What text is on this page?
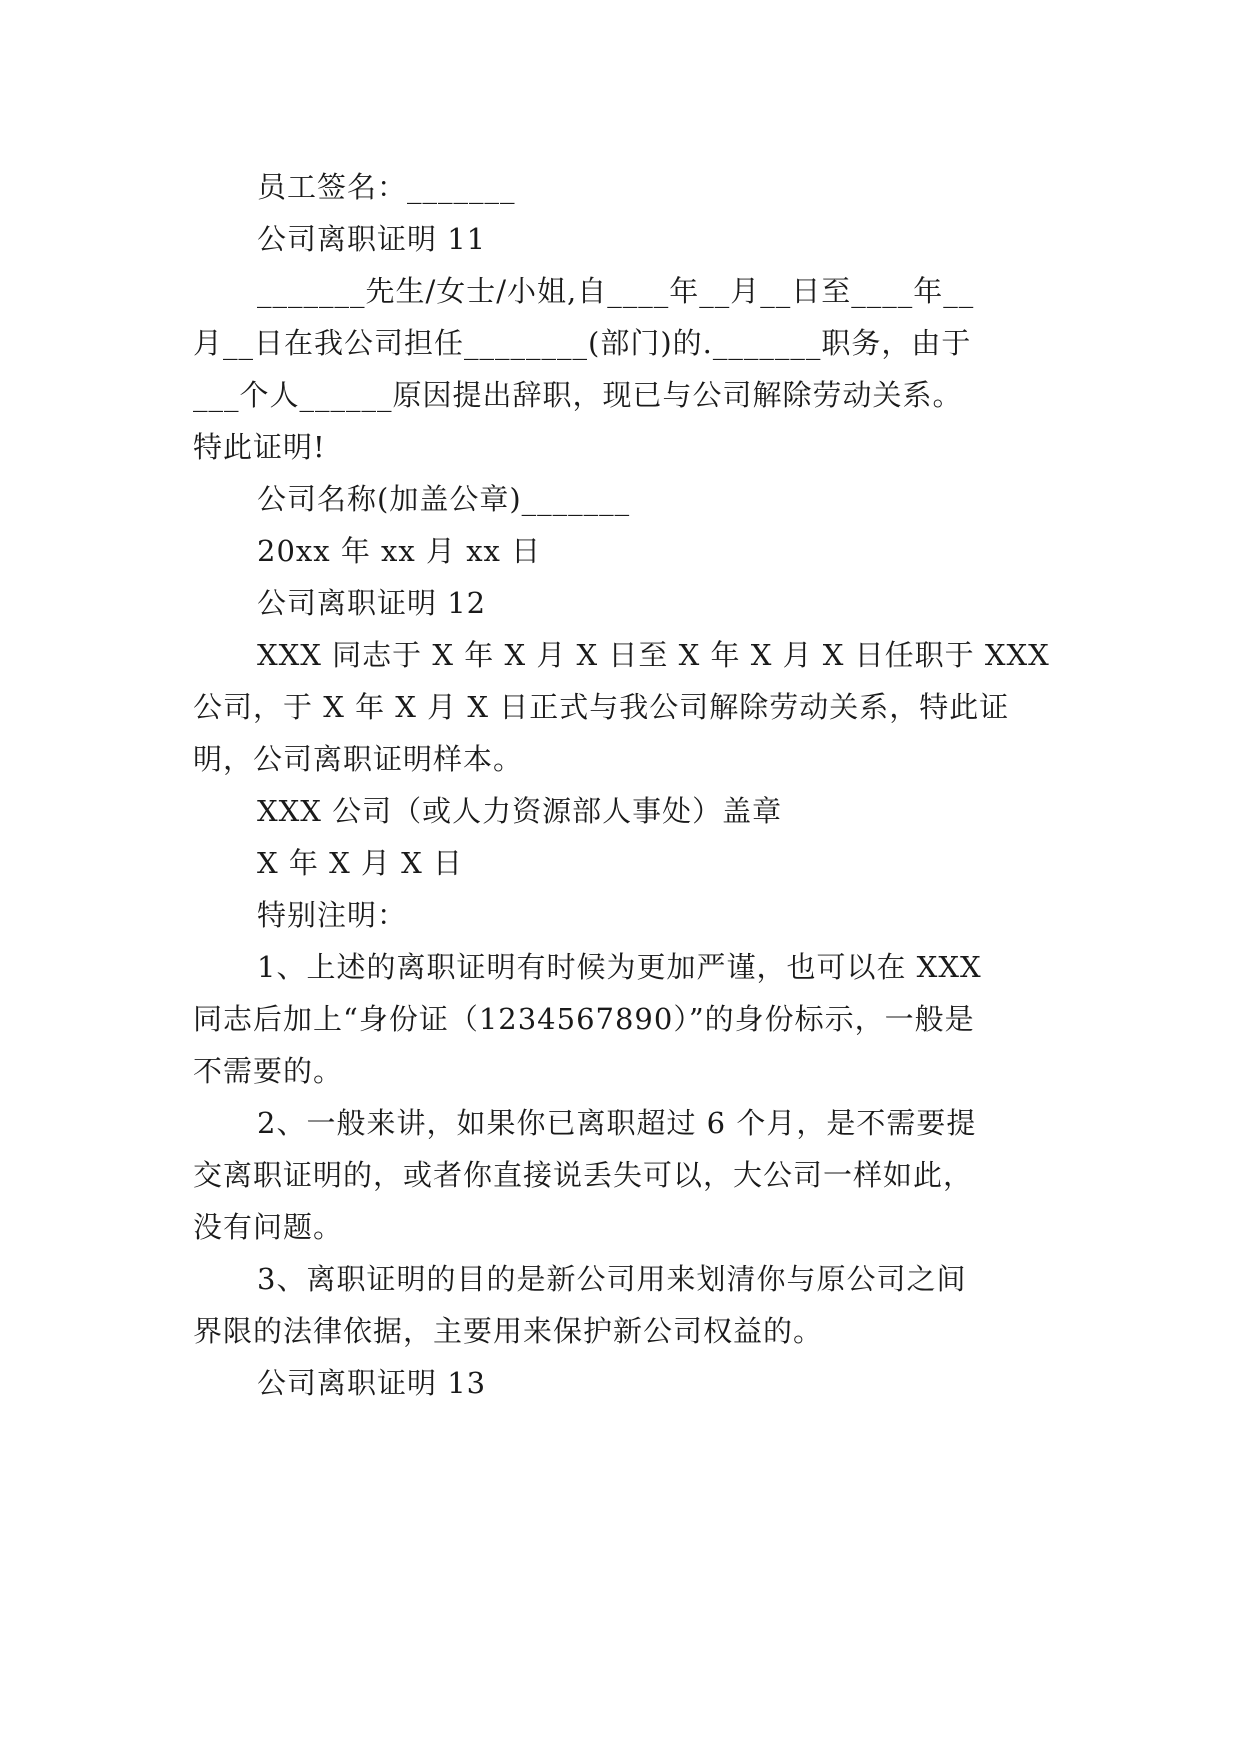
员工签名：_______

公司离职证明 11

_______先生/女士/小姐,自____年__月__日至____年__

月__日在我公司担任________(部门)的._______职务，由于

___个人______原因提出辞职，现已与公司解除劳动关系。

特此证明!

公司名称(加盖公章)_______

20xx 年 xx 月 xx 日

公司离职证明 12

XXX 同志于 X 年 X 月 X 日至 X 年 X 月 X 日任职于 XXX

公司，于 X 年 X 月 X 日正式与我公司解除劳动关系，特此证

明，公司离职证明样本。

XXX 公司（或人力资源部人事处）盖章

X 年 X 月 X 日

特别注明：

1、上述的离职证明有时候为更加严谨，也可以在 XXX

同志后加上“身份证（1234567890）”的身份标示，一般是

不需要的。

2、一般来讲，如果你已离职超过 6 个月，是不需要提

交离职证明的，或者你直接说丢失可以，大公司一样如此，

没有问题。

3、离职证明的目的是新公司用来划清你与原公司之间

界限的法律依据，主要用来保护新公司权益的。

公司离职证明 13
